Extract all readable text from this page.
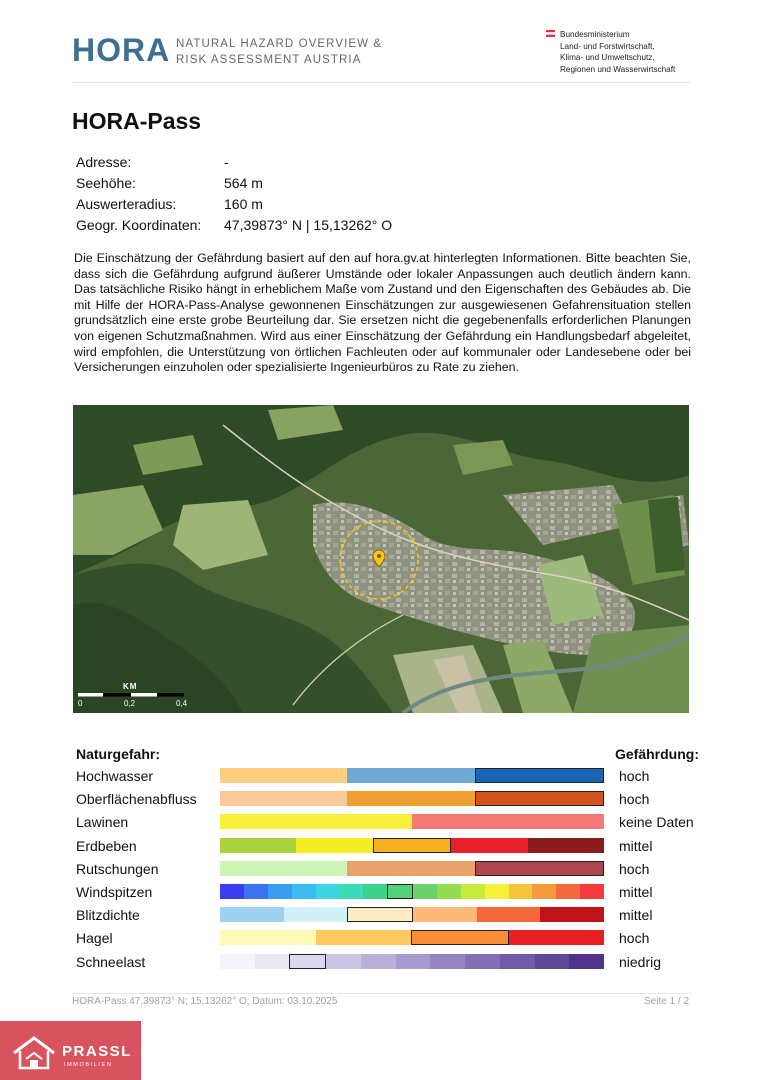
HORA NATURAL HAZARD OVERVIEW &
RISK ASSESSMENT AUSTRIA
Bundesministerium
Land- und Forstwirtschaft,
Klima- und Umweltschutz,
Regionen und Wasserwirtschaft
HORA-Pass
Adresse:	-
Seehöhe:	564 m
Auswerteradius:	160 m
Geogr. Koordinaten: 47,39873° N | 15,13262° O
Die Einschätzung der Gefährdung basiert auf den auf hora.gv.at hinterlegten Informationen. Bitte beachten Sie, dass sich die Gefährdung aufgrund äußerer Umstände oder lokaler Anpassungen auch deutlich ändern kann. Das tatsächliche Risiko hängt in erheblichem Maße vom Zustand und den Eigenschaften des Gebäudes ab. Die mit Hilfe der HORA-Pass-Analyse gewonnenen Einschätzungen zur ausgewiesenen Gefahrensituation stellen grundsätzlich eine erste grobe Beurteilung dar. Sie ersetzen nicht die gegebenenfalls erforderlichen Planungen von eigenen Schutzmaßnahmen. Wird aus einer Einschätzung der Gefährdung ein Handlungsbedarf abgeleitet, wird empfohlen, die Unterstützung von örtlichen Fachleuten oder auf kommunaler oder Landesebene oder bei Versicherungen einzuholen oder spezialisierte Ingenieurbüros zu Rate zu ziehen.
KM
0	0,2	0,4
Naturgefahr:	Gefährdung:
Hochwasser	hoch
Oberflächenabfluss	hoch
Lawinen	keine Daten
Erdbeben	mittel
Rutschungen	hoch
Windspitzen	mittel
Blitzdichte	mittel
Hagel	hoch
Schneelast	niedrig
HORA-Pass 47,39873° N; 15,13262° O; Datum: 03.10.2025	Seite 1 / 2
PRASSL
IMMOBILIEN
